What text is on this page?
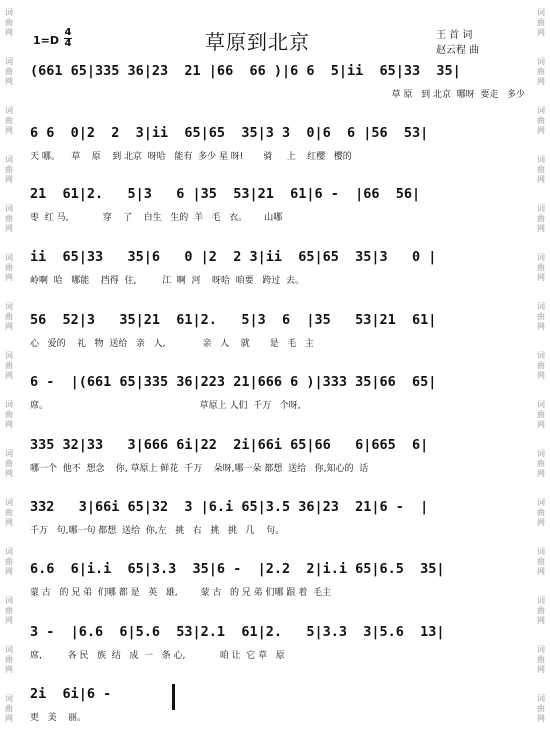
词
曲
网
词
曲
网
词
曲
网
词
曲
网
词
曲
网
词
曲
网
词
曲
网
词
曲
网
词
曲
网
词
曲
网
词
曲
网
词
曲
网
词
曲
网
词
曲
网
词
曲
网
词
曲
网
词
曲
网
词
曲
网
词
曲
网
词
曲
网
词
曲
网
词
曲
网
词
曲
网
词
曲
网
词
曲
网
词
曲
网
词
曲
网
词
曲
网
词
曲
网
词
曲
网
1=D
4
4	草原到北京	王 首 词
赵云程 曲
(661 65|335 36|23  21 |66  66 )|6 6  5|ii  65|33  35|
草 原   到 北京  哪呀  要走   多少
6 6  0|2  2  3|ii  65|65  35|3 3  0|6  6 |56  53|
天 哪。    草    原    到 北京  呀哈   能有  多少 星 呀!       骑     上    红樱   樱的
21  61|2.   5|3   6 |35  53|21  61|6 -  |66  56|
枣  红 马,            穿    了    白生   生的  羊   毛   衣。      山哪
ii  65|33   35|6   0 |2  2 3|ii  65|65  35|3   0 |
岭啊  哈   哪能    挡得  住,         江  啊  河    呀哈  咱要   跨过  去。
56  52|3   35|21  61|2.   5|3  6  |35   53|21  61|
心   爱的    礼   物  送给   亲   人,             亲   人    就       是   毛   主
6 -  |(661 65|335 36|223 21|666 6 )|333 35|66  65|
席。                                                     草原上 人们  千万   个呀,
335 32|33   3|666 6i|22  2i|66i 65|66   6|665  6|
哪一个  他不  想念    你, 草原上 鲜花  千万    朵呀,哪一朵 都想  送给   你,知心的  话
332   3|66i 65|32  3 |6.i 65|3.5 36|23  21|6 -  |
千万   句,哪一句 都想  送给  你,左   挑   右   挑   挑   几    句。
6.6  6|i.i  65|3.3  35|6 -  |2.2  2|i.i 65|6.5  35|
蒙 古   的 兄 弟  们哪 都 是   英   雄,        蒙 古   的 兄 弟 们哪 跟 着  毛主
3 -  |6.6  6|5.6  53|2.1  61|2.   5|3.3  3|5.6  13|
席,         各 民   族  结   成  一   条 心,            咱 让  它 草   原
2i  6i|6 -
更   美    丽。
